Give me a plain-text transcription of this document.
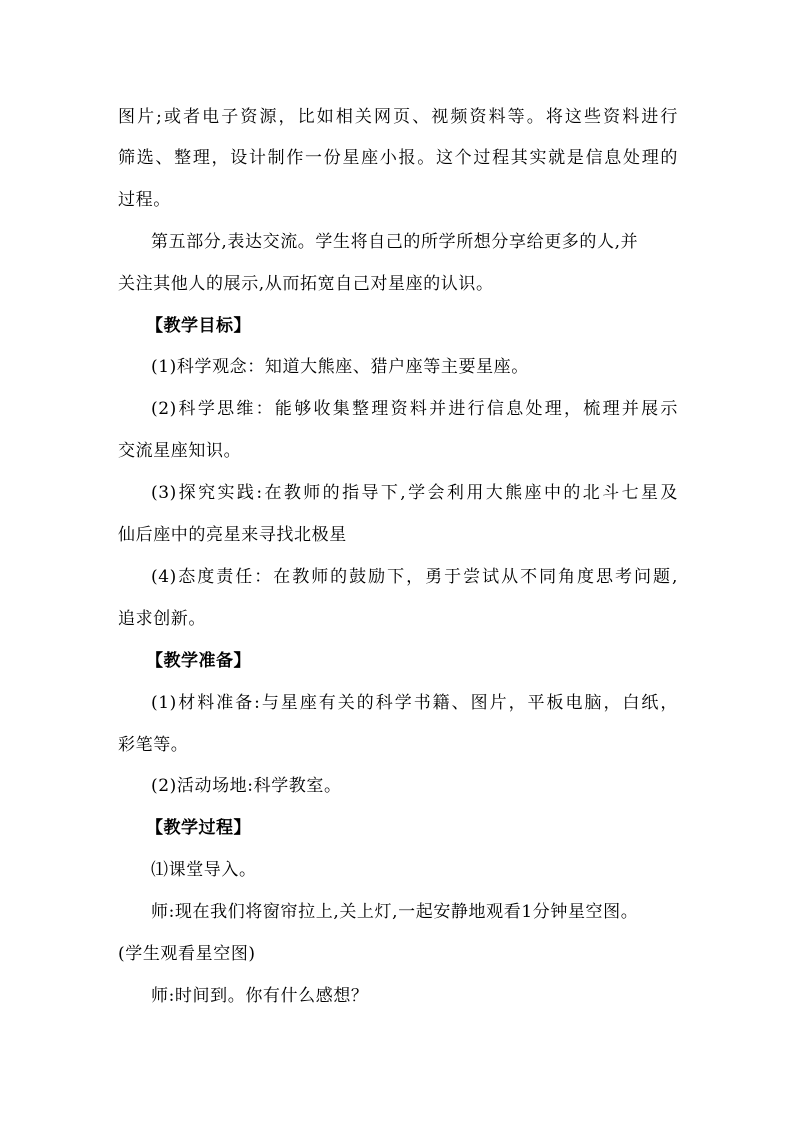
图片;或者电子资源，比如相关网页、视频资料等。将这些资料进行
筛选、整理，设计制作一份星座小报。这个过程其实就是信息处理的
过程。
第五部分,表达交流。学生将自己的所学所想分享给更多的人,并
关注其他人的展示,从而拓宽自己对星座的认识。
【教学目标】
(1)科学观念：知道大熊座、猎户座等主要星座。
(2)科学思维：能够收集整理资料并进行信息处理，梳理并展示
交流星座知识。
(3)探究实践:在教师的指导下,学会利用大熊座中的北斗七星及
仙后座中的亮星来寻找北极星
(4)态度责任：在教师的鼓励下，勇于尝试从不同角度思考问题,
追求创新。
【教学准备】
(1)材料准备:与星座有关的科学书籍、图片，平板电脑，白纸，
彩笔等。
(2)活动场地:科学教室。
【教学过程】
⑴课堂导入。
师:现在我们将窗帘拉上,关上灯,一起安静地观看1分钟星空图。
(学生观看星空图)
师:时间到。你有什么感想？
